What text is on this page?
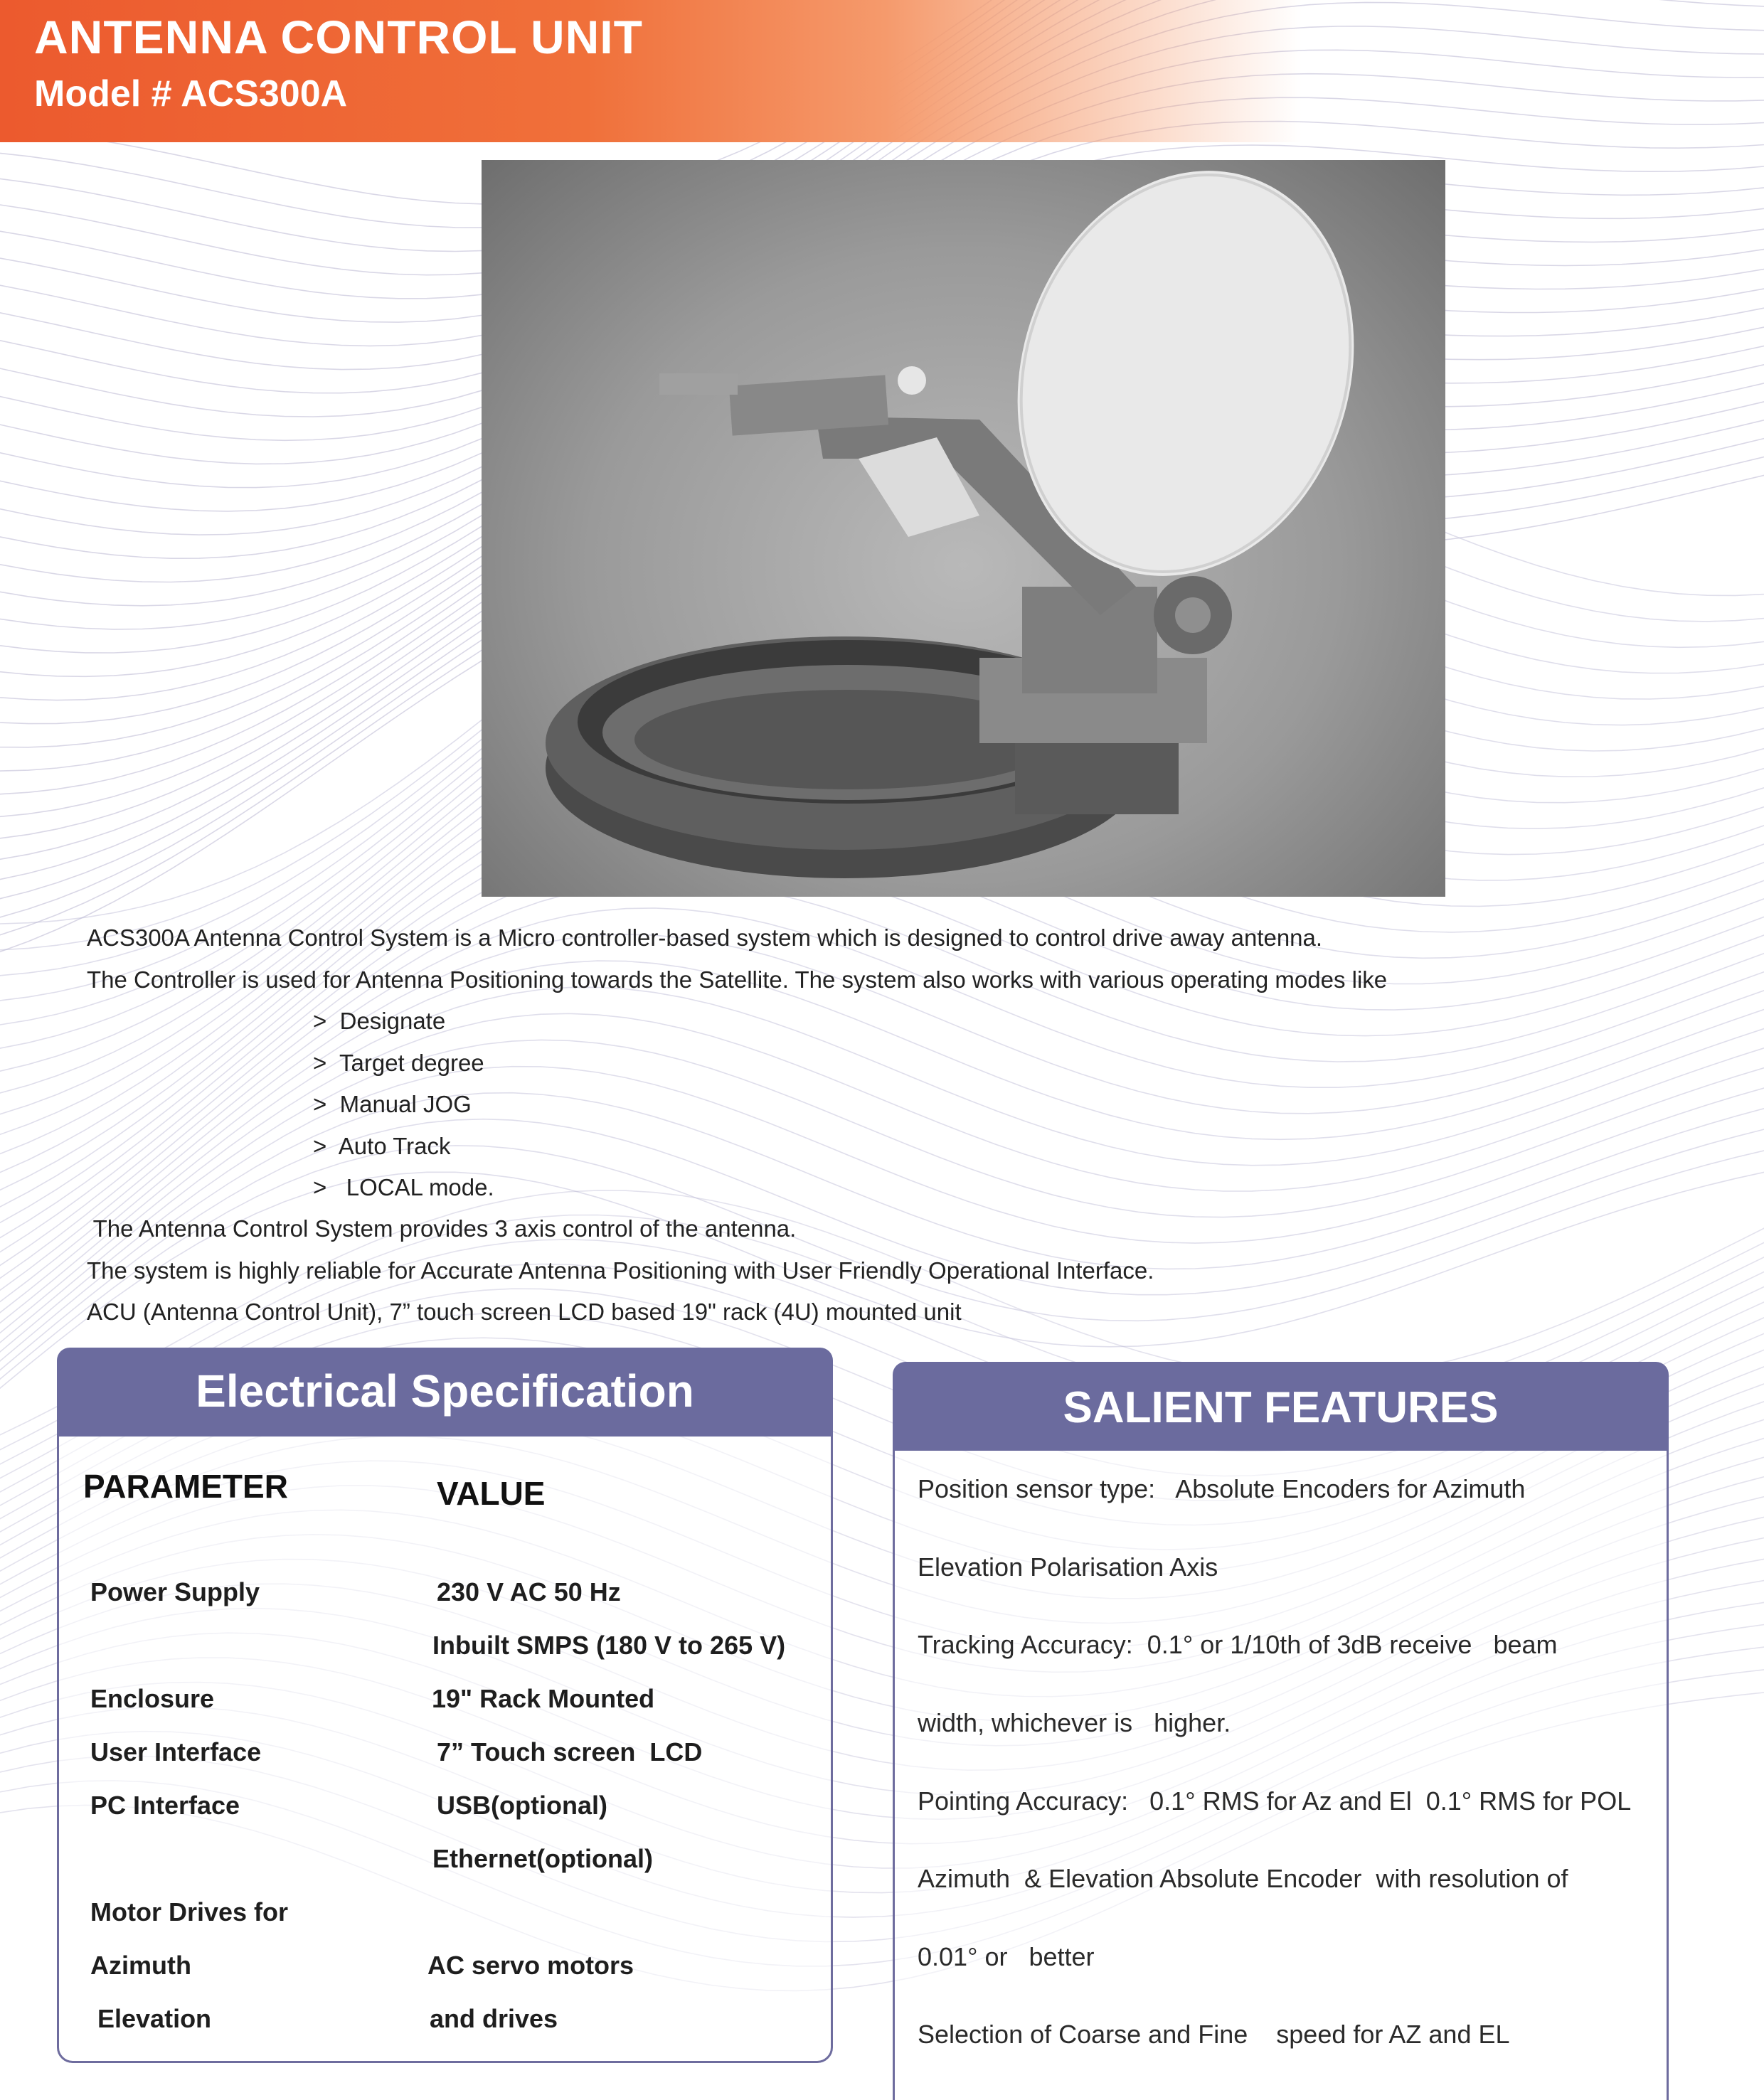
ANTENNA CONTROL UNIT
Model # ACS300A

ACS300A Antenna Control System is a Micro controller-based system which is designed to control drive away antenna.

The Controller is used for Antenna Positioning towards the Satellite. The system also works with various operating modes like

>  Designate
>  Target degree
>  Manual JOG
>  Auto Track
>   LOCAL mode.

The Antenna Control System provides 3 axis control of the antenna.

The system is highly reliable for Accurate Antenna Positioning with User Friendly Operational Interface.

ACU (Antenna Control Unit), 7” touch screen LCD based 19" rack (4U) mounted unit

Electrical Specification
PARAMETER	VALUE
Power Supply
Enclosure
User Interface
PC Interface
Motor Drives for
Azimuth
Elevation
230 V AC 50 Hz
Inbuilt SMPS (180 V to 265 V)
19" Rack Mounted
7” Touch screen  LCD
USB(optional)
Ethernet(optional)
AC servo motors
and drives
SALIENT FEATURES
Position sensor type:   Absolute Encoders for Azimuth
Elevation Polarisation Axis
Tracking Accuracy:  0.1° or 1/10th of 3dB receive   beam
width, whichever is   higher.
Pointing Accuracy:   0.1° RMS for Az and El  0.1° RMS for POL
Azimuth  & Elevation Absolute Encoder  with resolution of
0.01° or   better
Selection of Coarse and Fine    speed for AZ and EL
